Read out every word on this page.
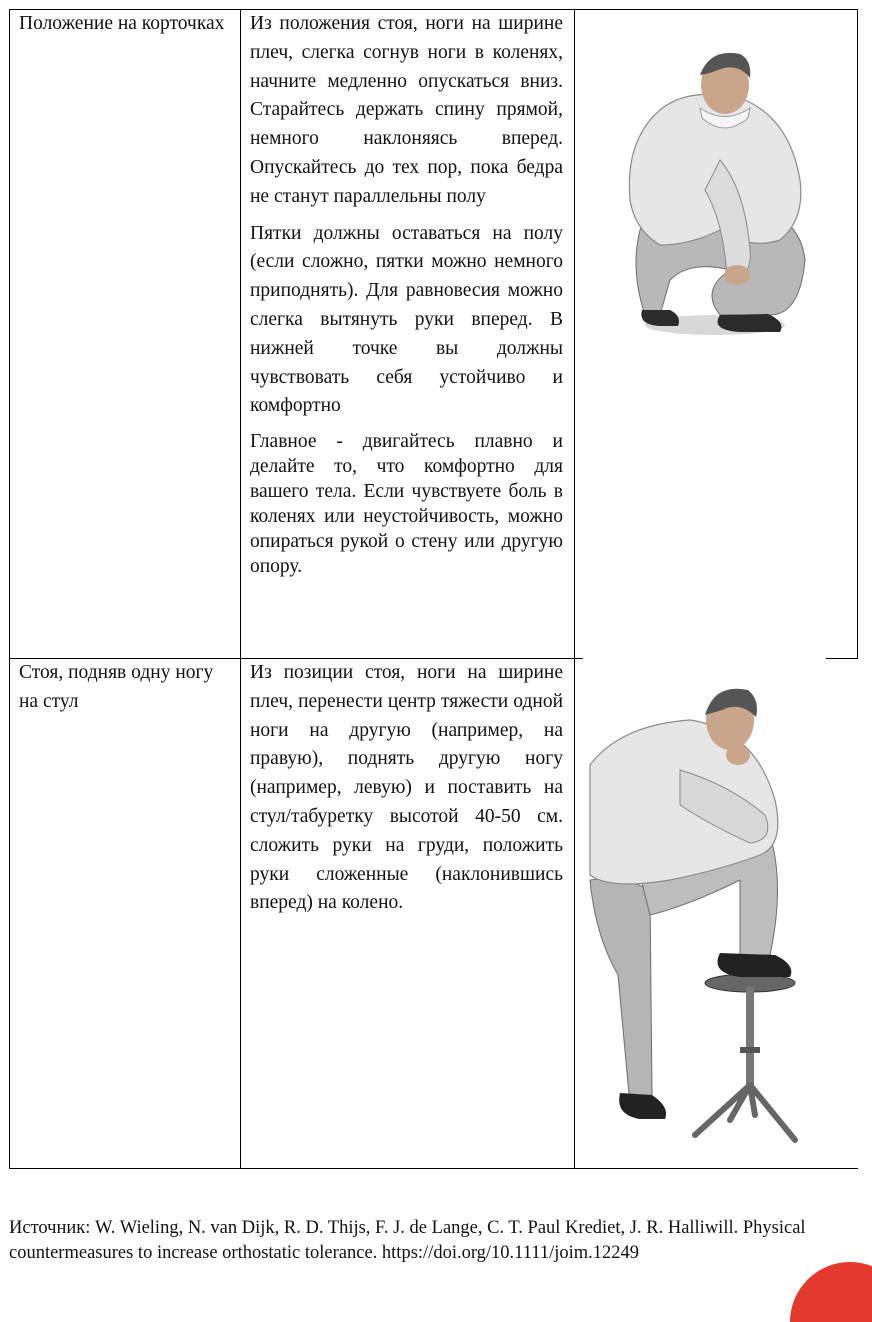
Положение на корточках Из положения стоя, ноги на ширине плеч, слегка согнув ноги в коленях, начните медленно опускаться вниз. Старайтесь держать спину прямой, немного наклоняясь вперед. Опускайтесь до тех пор, пока бедра не станут параллельны полу

Пятки должны оставаться на полу (если сложно, пятки можно немного приподнять). Для равновесия можно слегка вытянуть руки вперед. В нижней точке вы должны чувствовать себя устойчиво и комфортно

Главное - двигайтесь плавно и делайте то, что комфортно для вашего тела. Если чувствуете боль в коленях или неустойчивость, можно опираться рукой о стену или другую опору.

Стоя, подняв одну ногу на стул

Из позиции стоя, ноги на ширине плеч, перенести центр тяжести одной ноги на другую (например, на правую), поднять другую ногу (например, левую) и поставить на стул/табуретку высотой 40-50 см. сложить руки на груди, положить руки сложенные (наклонившись вперед) на колено.

Источник: W. Wieling, N. van Dijk, R. D. Thijs, F. J. de Lange, C. T. Paul Krediet, J. R. Halliwill. Physical
countermeasures to increase orthostatic tolerance. https://doi.org/10.1111/joim.12249
